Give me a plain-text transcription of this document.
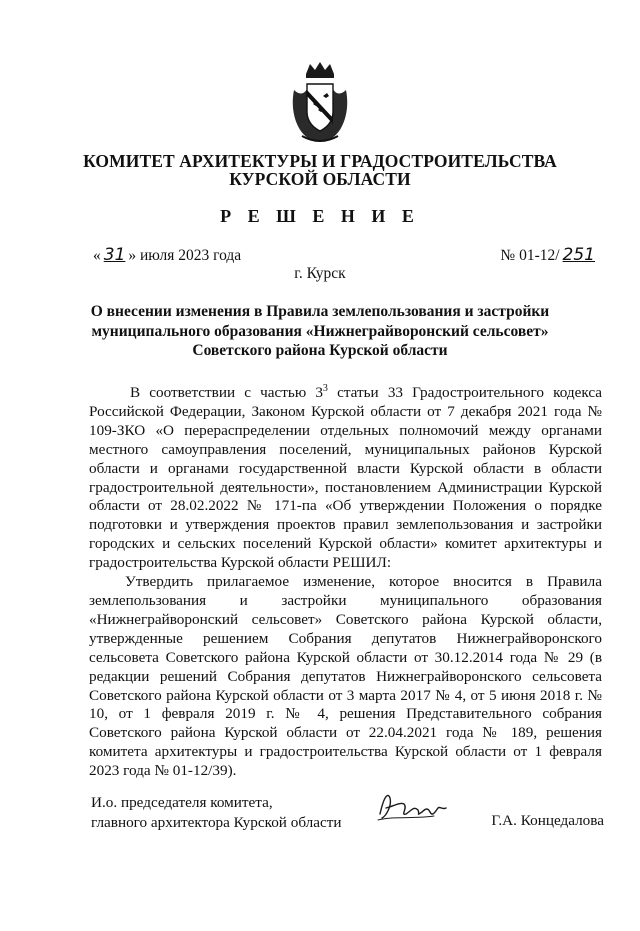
КОМИТЕТ АРХИТЕКТУРЫ И ГРАДОСТРОИТЕЛЬСТВА
КУРСКОЙ ОБЛАСТИ
Р Е Ш Е Н И Е
« 31 » июля 2023 года	№ 01-12/ 251
г. Курск
О внесении изменения в Правила землепользования и застройки
муниципального образования «Нижнеграйворонский сельсовет»
Советского района Курской области

В соответствии с частью $3^3$ статьи 33 Градостроительного кодекса Российской Федерации, Законом Курской области от 7 декабря 2021 года № 109-ЗКО «О перераспределении отдельных полномочий между органами местного самоуправления поселений, муниципальных районов Курской области и органами государственной власти Курской области в области градостроительной деятельности», постановлением Администрации Курской области от 28.02.2022 № 171-па «Об утверждении Положения о порядке подготовки и утверждения проектов правил землепользования и застройки городских и сельских поселений Курской области» комитет архитектуры и градостроительства Курской области РЕШИЛ:

Утвердить прилагаемое изменение, которое вносится в Правила землепользования и застройки муниципального образования «Нижнеграйворонский сельсовет» Советского района Курской области, утвержденные решением Собрания депутатов Нижнеграйворонского сельсовета Советского района Курской области от 30.12.2014 года № 29 (в редакции решений Собрания депутатов Нижнеграйворонского сельсовета Советского района Курской области от 3 марта 2017 № 4, от 5 июня 2018 г. № 10, от 1 февраля 2019 г. № 4, решения Представительного собрания Советского района Курской области от 22.04.2021 года № 189, решения комитета архитектуры и градостроительства Курской области от 1 февраля 2023 года № 01-12/39).

И.о. председателя комитета,
главного архитектора Курской области	Г.А. Концедалова
